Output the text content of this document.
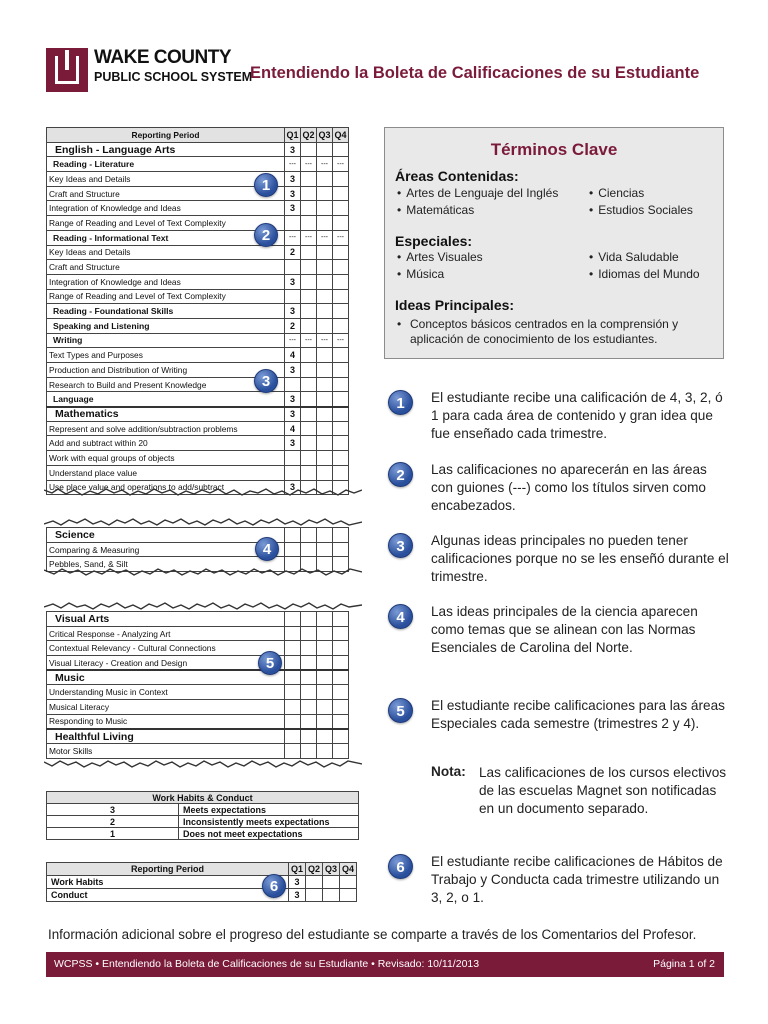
WAKE COUNTY
PUBLIC SCHOOL SYSTEM
Entendiendo la Boleta de Calificaciones de su Estudiante
Reporting Period	Q1	Q2	Q3	Q4
English - Language Arts	3			
Reading - Literature	---	---	---	---
Key Ideas and Details	3			
Craft and Structure	3			
Integration of Knowledge and Ideas	3			
Range of Reading and Level of Text Complexity				
Reading - Informational Text	---	---	---	---
Key Ideas and Details	2			
Craft and Structure				
Integration of Knowledge and Ideas	3			
Range of Reading and Level of Text Complexity				
Reading - Foundational Skills	3			
Speaking and Listening	2			
Writing	---	---	---	---
Text Types and Purposes	4			
Production and Distribution of Writing	3			
Research to Build and Present Knowledge				
Language	3			
Mathematics	3			
Represent and solve addition/subtraction problems	4			
Add and subtract within 20	3			
Work with equal groups of objects				
Understand place value				
Use place value and operations to add/subtract	3			
1
2
3
Science				
Comparing & Measuring				
Pebbles, Sand, & Silt				
4
Visual Arts				
Critical Response - Analyzing Art				
Contextual Relevancy - Cultural Connections				
Visual Literacy - Creation and Design				
Music				
Understanding Music in Context				
Musical Literacy				
Responding to Music				
Healthful Living				
Motor Skills				
5
Work Habits & Conduct	
3	Meets expectations
2	Inconsistently meets expectations
1	Does not meet expectations
Reporting Period	Q1	Q2	Q3	Q4
Work Habits	3			
Conduct	3			
6
Términos Clave
Áreas Contenidas:
• Artes de Lenguaje del Inglés
• Matemáticas
• Ciencias
• Estudios Sociales
Especiales:
• Artes Visuales
• Música
• Vida Saludable
• Idiomas del Mundo
Ideas Principales:
•
Conceptos básicos centrados en la comprensión y aplicación de conocimiento de los estudiantes.
1	El estudiante recibe una calificación de 4, 3, 2, ó 1 para cada área de contenido y gran idea que fue enseñado cada trimestre.
2	Las calificaciones no aparecerán en las áreas con guiones (---) como los títulos sirven como encabezados.
3	Algunas ideas principales no pueden tener calificaciones porque no se les enseñó durante el trimestre.
4	Las ideas principales de la ciencia aparecen como temas que se alinean con las Normas Esenciales de Carolina del Norte.
5	El estudiante recibe calificaciones para las áreas Especiales cada semestre (trimestres 2 y 4).
Nota: Las calificaciones de los cursos electivos de las escuelas Magnet son notificadas en un documento separado.
6	El estudiante recibe calificaciones de Hábitos de Trabajo y Conducta cada trimestre utilizando un 3, 2, o 1.
Información adicional sobre el progreso del estudiante se comparte a través de los Comentarios del Profesor.
WCPSS • Entendiendo la Boleta de Calificaciones de su Estudiante • Revisado: 10/11/2013	Página 1 of 2
